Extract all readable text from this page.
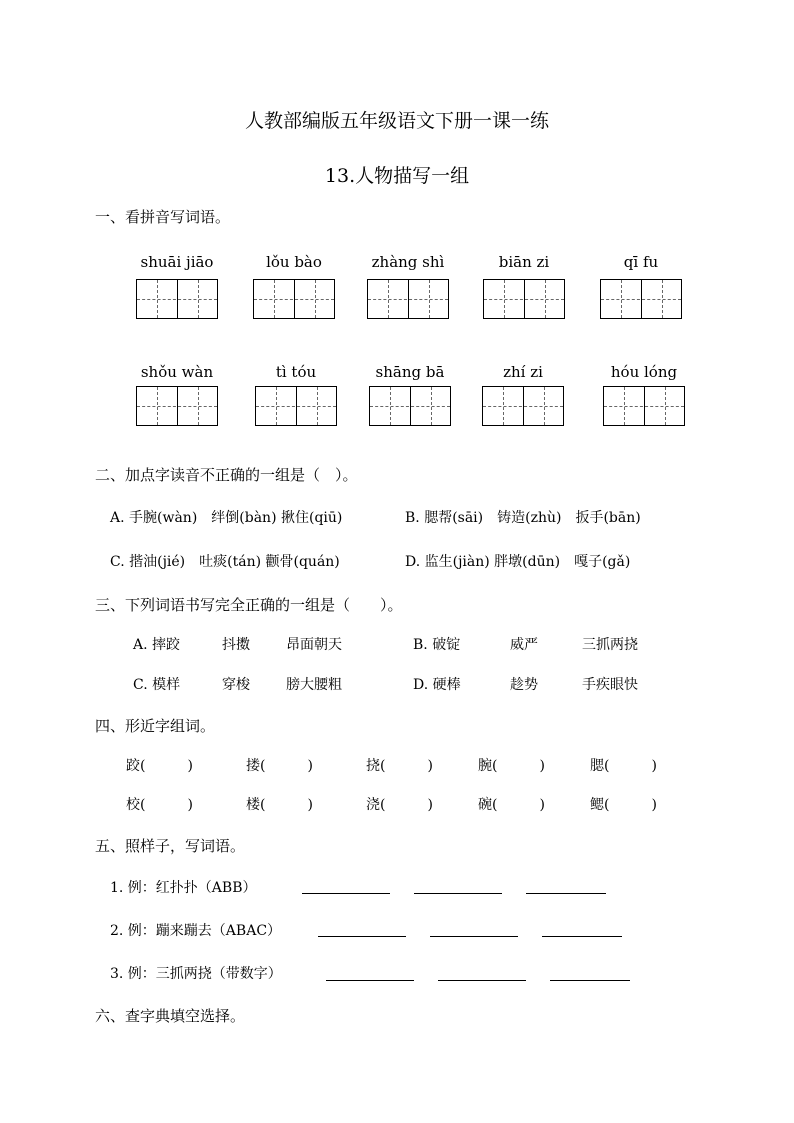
人教部编版五年级语文下册一课一练
13.人物描写一组
一、看拼音写词语。
shuāi jiāo	lǒu bào	zhàng shì	biān zi	qī fu
shǒu wàn	tì tóu	shāng bā	zhí zi	hóu lóng
二、加点字读音不正确的一组是（　）。
A. 手腕(wàn)　绊倒(bàn) 揪住(qiū)	B. 腮帮(sāi)　铸造(zhù)　扳手(bān)
C. 揩油(jié)　吐痰(tán) 颧骨(quán)	D. 监生(jiàn) 胖墩(dūn)　嘎子(gǎ)
三、下列词语书写完全正确的一组是（　　）。
A. 摔跤	抖擞	昂面朝天	B. 破锭	威严	三抓两挠
C. 模样	穿梭	膀大腰粗	D. 硬棒	趁势	手疾眼快
四、形近字组词。
跤(　　　)	搂(　　　)	挠(　　　)	腕(　　　)	腮(　　　)
校(　　　)	楼(　　　)	浇(　　　)	碗(　　　)	鳃(　　　)
五、照样子，写词语。
1. 例：红扑扑（ABB）
2. 例：蹦来蹦去（ABAC）
3. 例：三抓两挠（带数字）
六、查字典填空选择。
